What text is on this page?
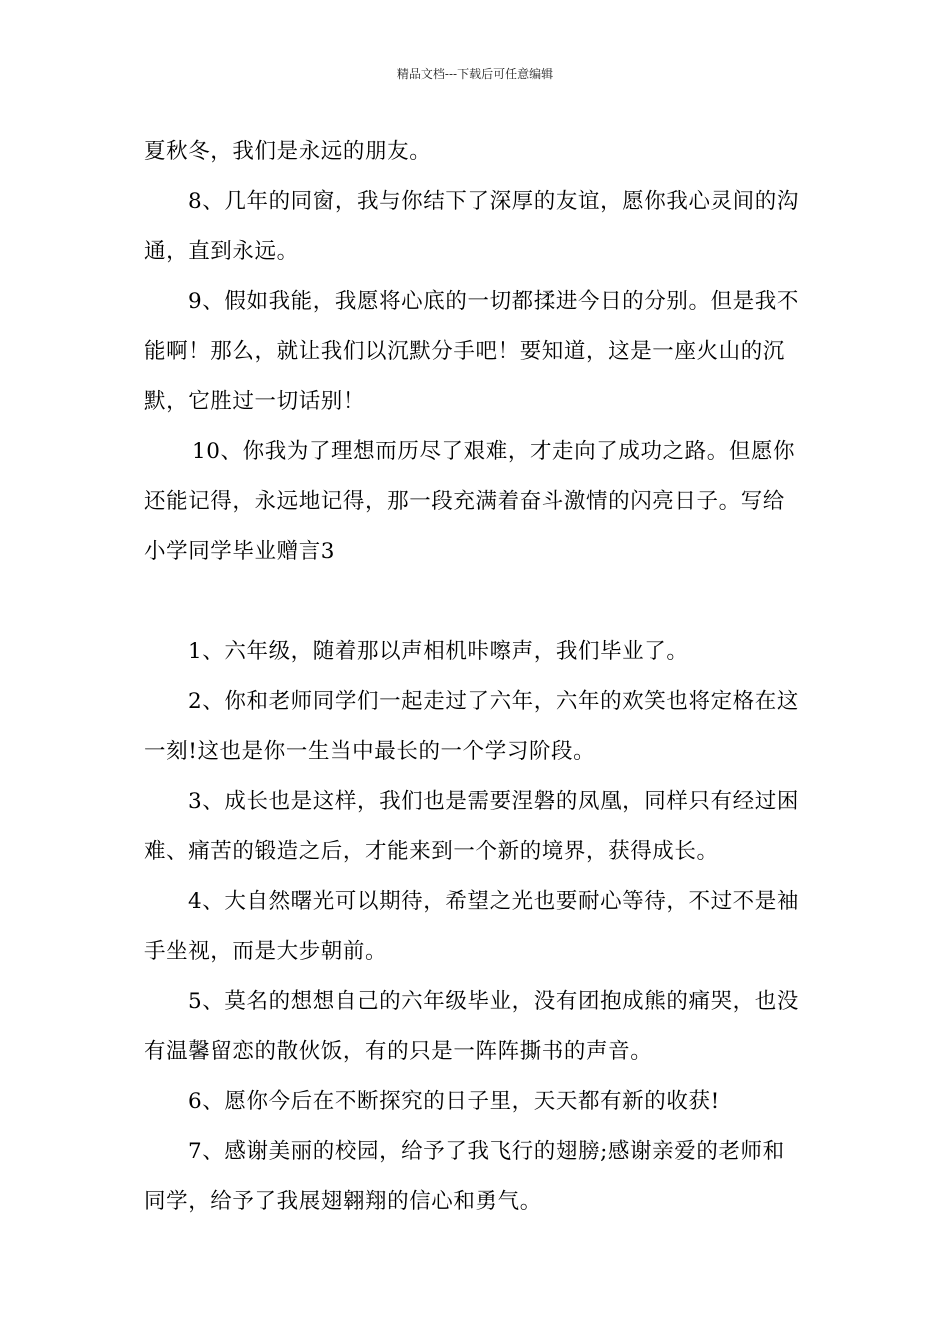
精品文档---下载后可任意编辑

夏秋冬，我们是永远的朋友。

8、几年的同窗，我与你结下了深厚的友谊，愿你我心灵间的沟

通，直到永远。

9、假如我能，我愿将心底的一切都揉进今日的分别。但是我不

能啊！那么，就让我们以沉默分手吧！要知道，这是一座火山的沉

默，它胜过一切话别！

10、你我为了理想而历尽了艰难，才走向了成功之路。但愿你

还能记得，永远地记得，那一段充满着奋斗激情的闪亮日子。写给

小学同学毕业赠言3

1、六年级，随着那以声相机咔嚓声，我们毕业了。

2、你和老师同学们一起走过了六年，六年的欢笑也将定格在这

一刻!这也是你一生当中最长的一个学习阶段。

3、成长也是这样，我们也是需要涅磐的凤凰，同样只有经过困

难、痛苦的锻造之后，才能来到一个新的境界，获得成长。

4、大自然曙光可以期待，希望之光也要耐心等待，不过不是袖

手坐视，而是大步朝前。

5、莫名的想想自己的六年级毕业，没有团抱成熊的痛哭，也没

有温馨留恋的散伙饭，有的只是一阵阵撕书的声音。

6、愿你今后在不断探究的日子里，天天都有新的收获!

7、感谢美丽的校园，给予了我飞行的翅膀;感谢亲爱的老师和

同学，给予了我展翅翱翔的信心和勇气。
